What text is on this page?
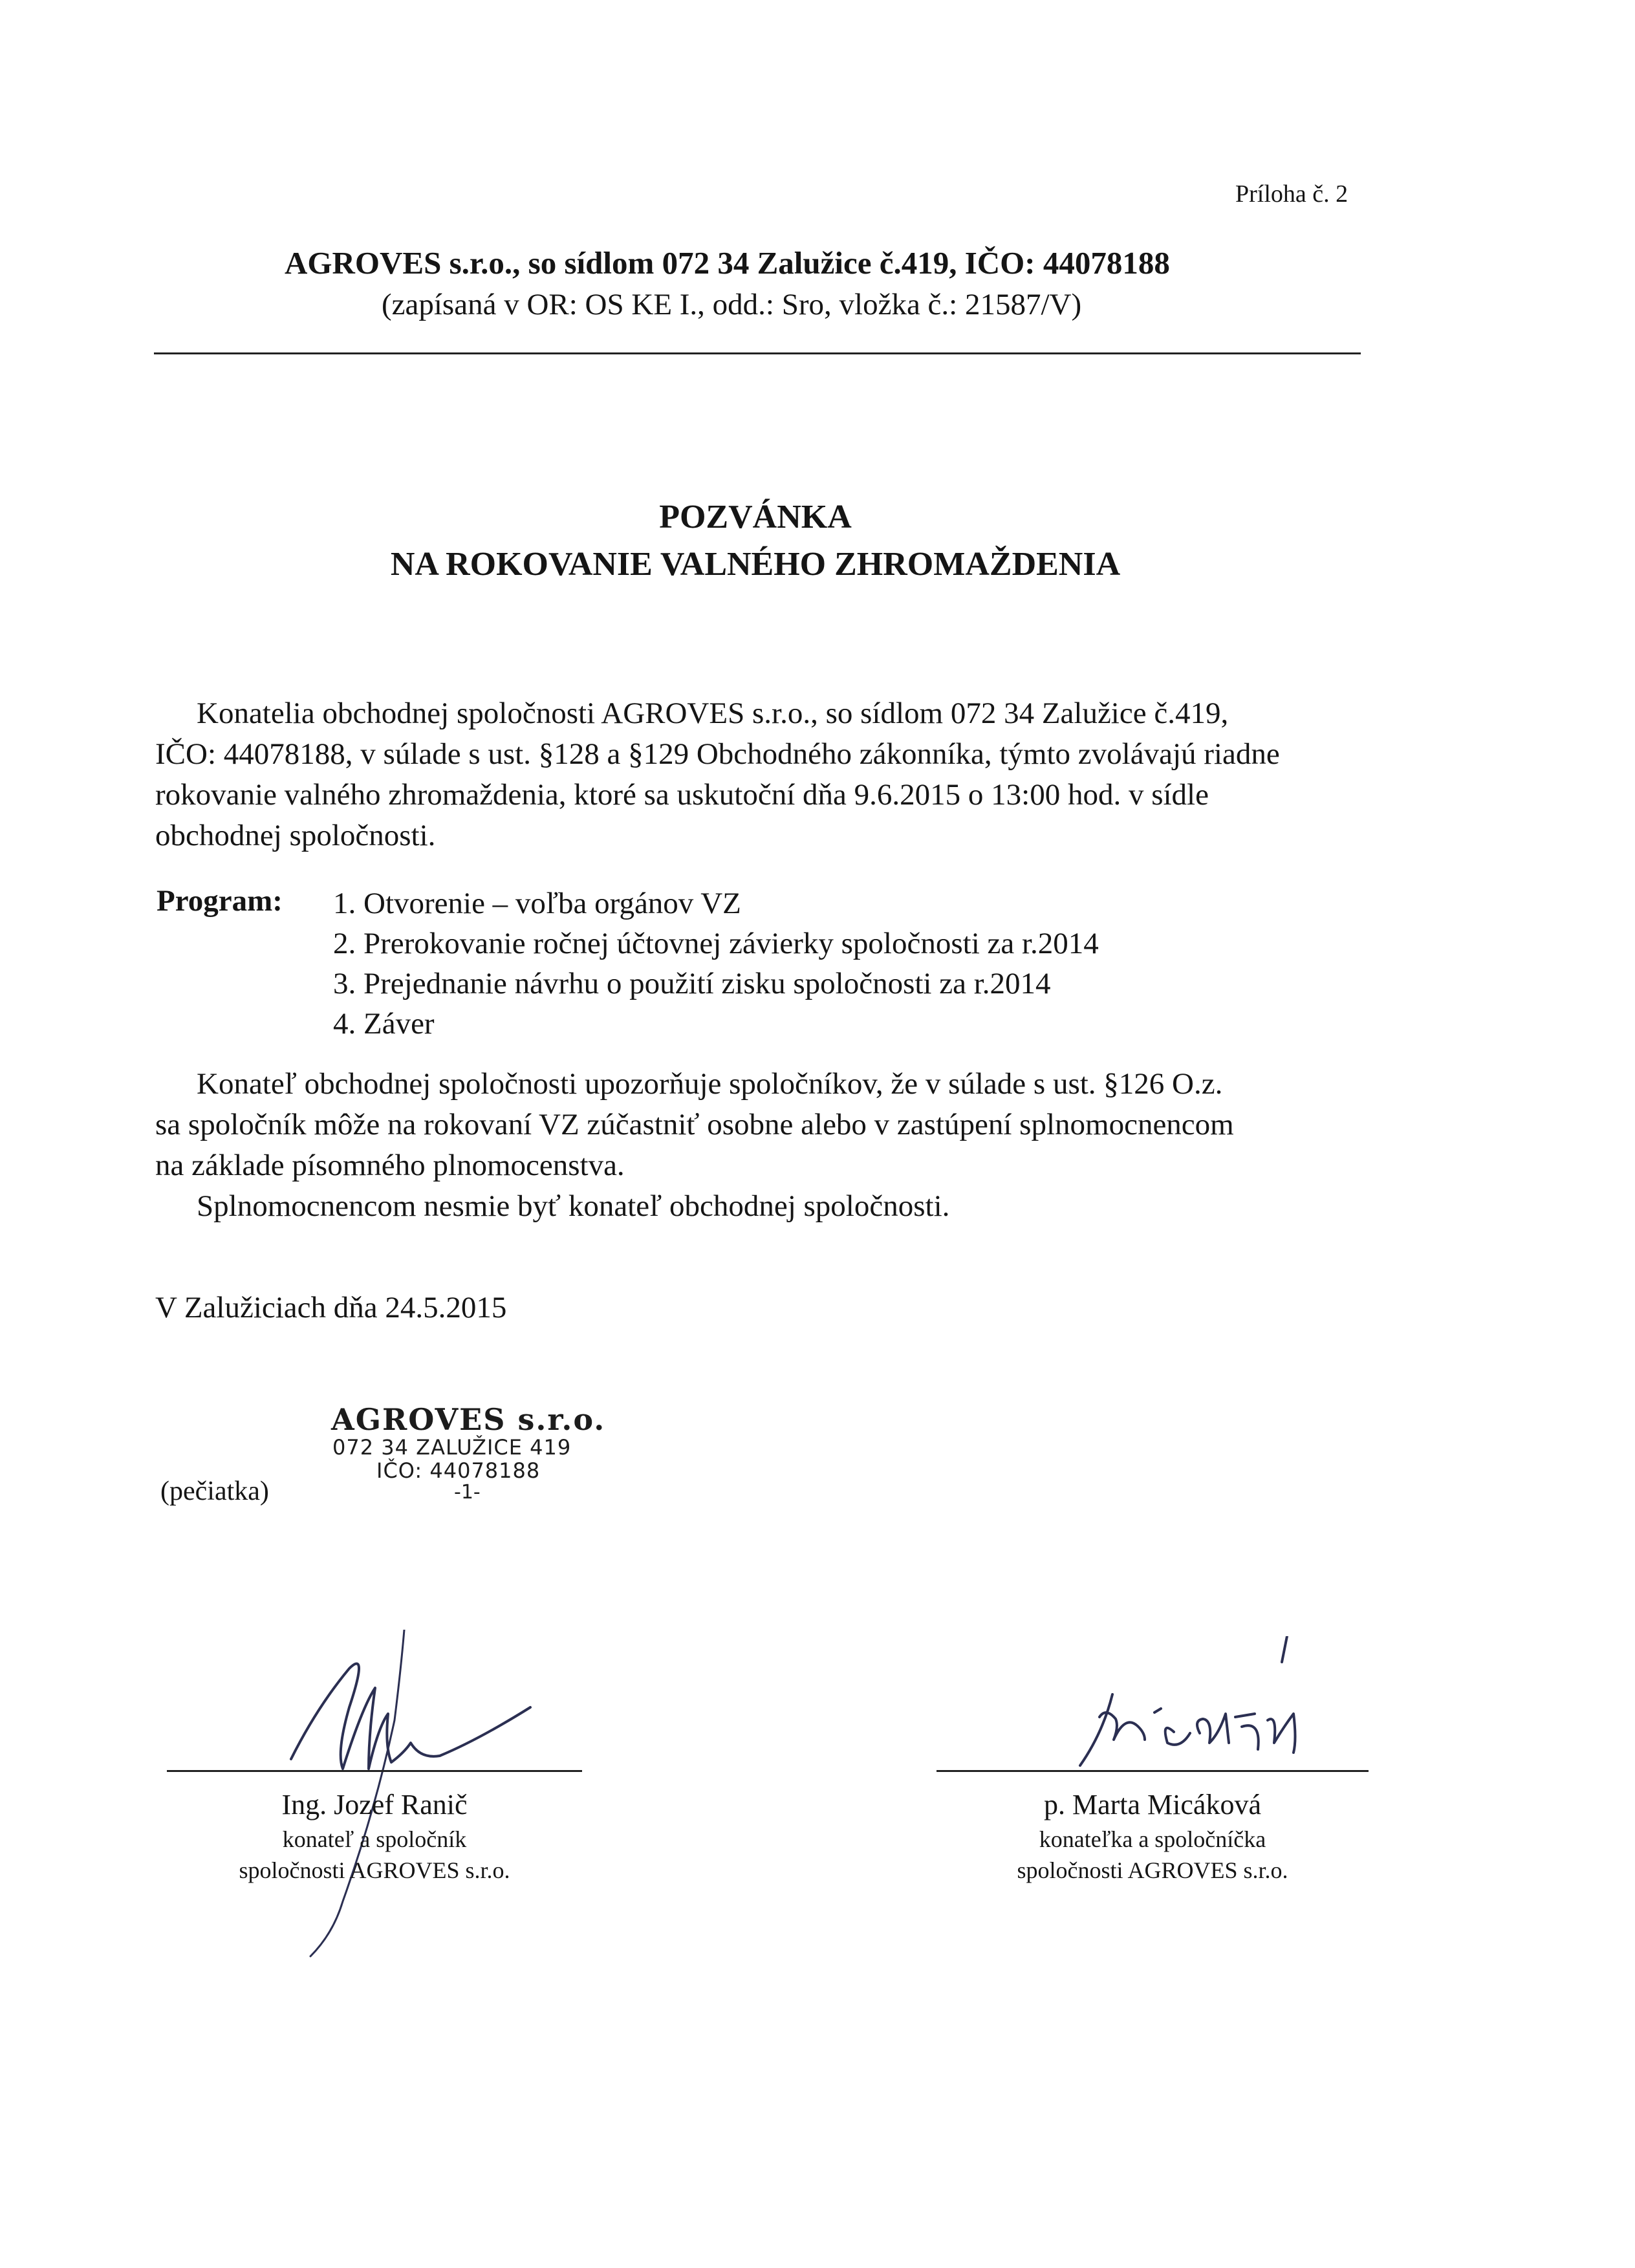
Príloha č. 2
AGROVES s.r.o., so sídlom 072 34 Zalužice č.419, IČO: 44078188
(zapísaná v OR: OS KE I., odd.: Sro, vložka č.: 21587/V)
POZVÁNKA
NA ROKOVANIE VALNÉHO ZHROMAŽDENIA
Konatelia obchodnej spoločnosti AGROVES s.r.o., so sídlom 072 34 Zalužice č.419,
IČO: 44078188, v súlade s ust. §128 a §129 Obchodného zákonníka, týmto zvolávajú riadne
rokovanie valného zhromaždenia, ktoré sa uskutoční dňa 9.6.2015 o 13:00 hod. v sídle
obchodnej spoločnosti.
Program: 1. Otvorenie – voľba orgánov VZ
2. Prerokovanie ročnej účtovnej závierky spoločnosti za r.2014
3. Prejednanie návrhu o použití zisku spoločnosti za r.2014
4. Záver
Konateľ obchodnej spoločnosti upozorňuje spoločníkov, že v súlade s ust. §126 O.z.
sa spoločník môže na rokovaní VZ zúčastniť osobne alebo v zastúpení splnomocnencom
na základe písomného plnomocenstva.
Splnomocnencom nesmie byť konateľ obchodnej spoločnosti.
V Zalužiciach dňa 24.5.2015
AGROVES s.r.o.
072 34 ZALUŽICE 419
IČO: 44078188
-1-
(pečiatka)
Ing. Jozef Ranič
konateľ a spoločník
spoločnosti AGROVES s.r.o.
p. Marta Micáková
konateľka a spoločníčka
spoločnosti AGROVES s.r.o.
